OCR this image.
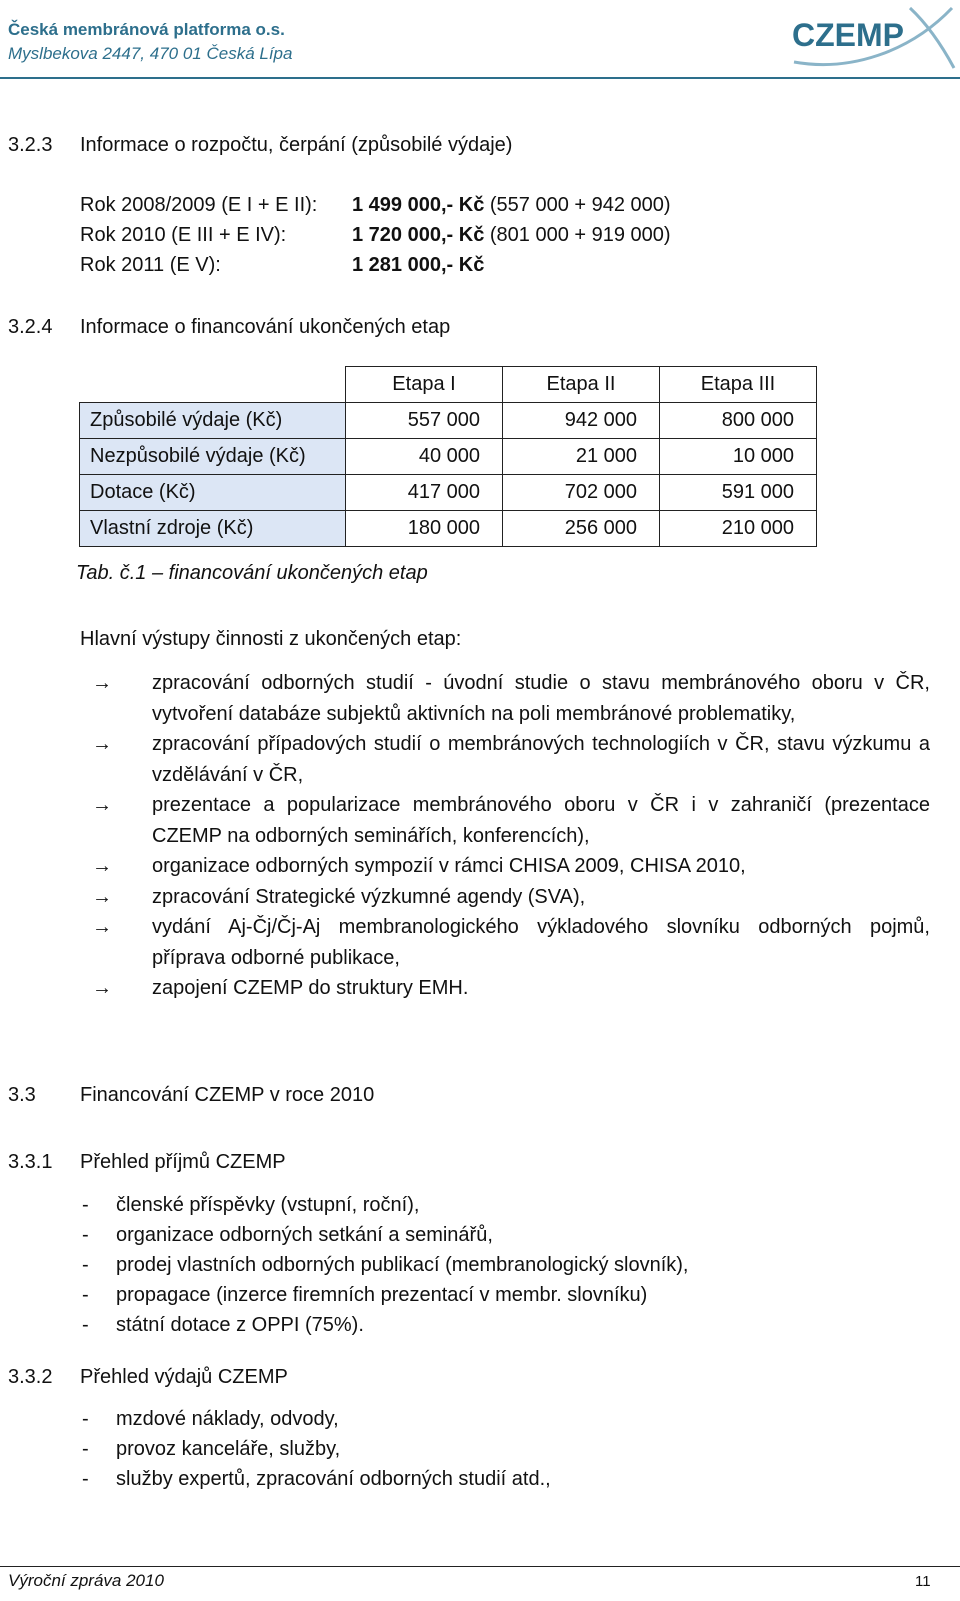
Česká membránová platforma o.s.
Myslbekova 2447, 470 01 Česká Lípa
CZEMP
3.2.3 Informace o rozpočtu, čerpání (způsobilé výdaje)
Rok 2008/2009 (E I + E II):	1 499 000,- Kč (557 000 + 942 000)
Rok 2010 (E III + E IV):	1 720 000,- Kč (801 000 + 919 000)
Rok 2011 (E V):	1 281 000,- Kč
3.2.4 Informace o financování ukončených etap
	Etapa I	Etapa II	Etapa III
Způsobilé výdaje (Kč)	557 000	942 000	800 000
Nezpůsobilé výdaje (Kč)	40 000	21 000	10 000
Dotace (Kč)	417 000	702 000	591 000
Vlastní zdroje (Kč)	180 000	256 000	210 000
Tab. č.1 – financování ukončených etap
Hlavní výstupy činnosti z ukončených etap:
→ zpracování odborných studií - úvodní studie o stavu membránového oboru v ČR, vytvoření databáze subjektů aktivních na poli membránové problematiky,
→ zpracování případových studií o membránových technologiích v ČR, stavu výzkumu a vzdělávání v ČR,
→ prezentace a popularizace membránového oboru v ČR i v zahraničí (prezentace CZEMP na odborných seminářích, konferencích),
→ organizace odborných sympozií v rámci CHISA 2009, CHISA 2010,
→ zpracování Strategické výzkumné agendy (SVA),
→ vydání Aj-Čj/Čj-Aj membranologického výkladového slovníku odborných pojmů, příprava odborné publikace,
→ zapojení CZEMP do struktury EMH.
3.3 Financování CZEMP v roce 2010
3.3.1 Přehled příjmů CZEMP
- členské příspěvky (vstupní, roční),
- organizace odborných setkání a seminářů,
- prodej vlastních odborných publikací (membranologický slovník),
- propagace (inzerce firemních prezentací v membr. slovníku)
- státní dotace z OPPI (75%).
3.3.2 Přehled výdajů CZEMP
- mzdové náklady, odvody,
- provoz kanceláře, služby,
- služby expertů, zpracování odborných studií atd.,
Výroční zpráva 2010	11
